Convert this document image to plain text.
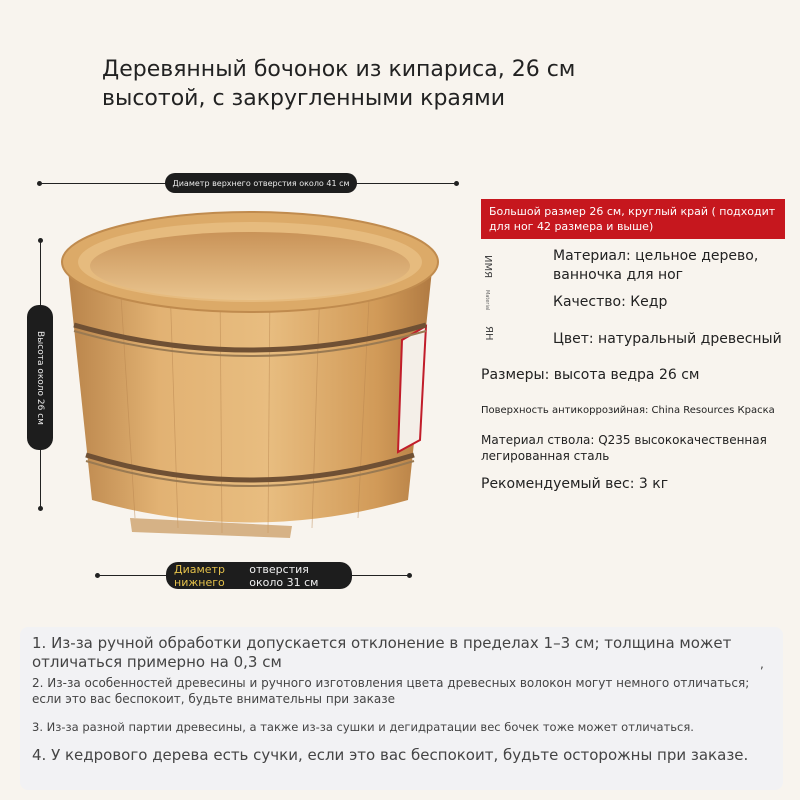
Деревянный бочонок из кипариса, 26 см высотой, с закругленными краями
Диаметр верхнего отверстия около 41 см
Высота около 26 см
Диаметр нижнего
отверстия около 31 см
Большой размер 26 см, круглый край ( подходит для ног 42 размера и выше)
ИМЯ
Material
ЯН
Материал: цельное дерево, ванночка для ног
Качество: Кедр
Цвет: натуральный древесный
Размеры: высота ведра 26 см
Поверхность антикоррозийная: China Resources Краска
Материал ствола: Q235 высококачественная легированная сталь
Рекомендуемый вес: 3 кг
1. Из-за ручной обработки допускается отклонение в пределах 1–3 см; толщина может отличаться примерно на 0,3 см	,
2. Из-за особенностей древесины и ручного изготовления цвета древесных волокон могут немного отличаться; если это вас беспокоит, будьте внимательны при заказе
3. Из-за разной партии древесины, а также из-за сушки и дегидратации вес бочек тоже может отличаться.
4. У кедрового дерева есть сучки, если это вас беспокоит, будьте осторожны при заказе.
